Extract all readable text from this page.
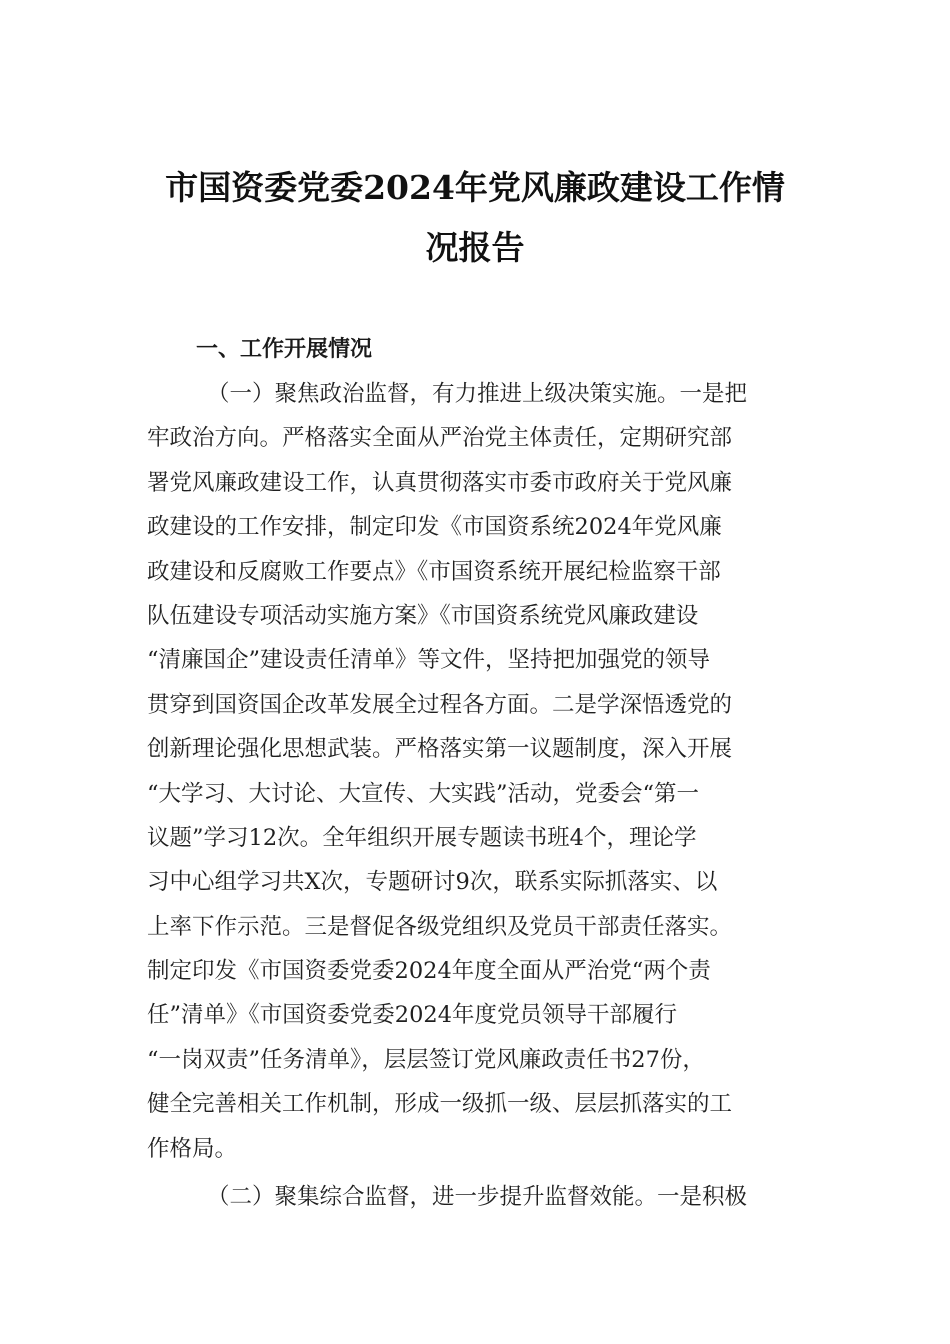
市国资委党委2024年党风廉政建设工作情
况报告
一、工作开展情况
（一）聚焦政治监督，有力推进上级决策实施。一是把
牢政治方向。严格落实全面从严治党主体责任，定期研究部
署党风廉政建设工作，认真贯彻落实市委市政府关于党风廉
政建设的工作安排，制定印发《市国资系统2024年党风廉
政建设和反腐败工作要点》《市国资系统开展纪检监察干部
队伍建设专项活动实施方案》《市国资系统党风廉政建设
“清廉国企”建设责任清单》等文件，坚持把加强党的领导
贯穿到国资国企改革发展全过程各方面。二是学深悟透党的
创新理论强化思想武装。严格落实第一议题制度，深入开展
“大学习、大讨论、大宣传、大实践”活动，党委会“第一
议题”学习12次。全年组织开展专题读书班4个，理论学
习中心组学习共X次，专题研讨9次，联系实际抓落实、以
上率下作示范。三是督促各级党组织及党员干部责任落实。
制定印发《市国资委党委2024年度全面从严治党“两个责
任”清单》《市国资委党委2024年度党员领导干部履行
“一岗双责”任务清单》，层层签订党风廉政责任书27份，
健全完善相关工作机制，形成一级抓一级、层层抓落实的工
作格局。
（二）聚集综合监督，进一步提升监督效能。一是积极
